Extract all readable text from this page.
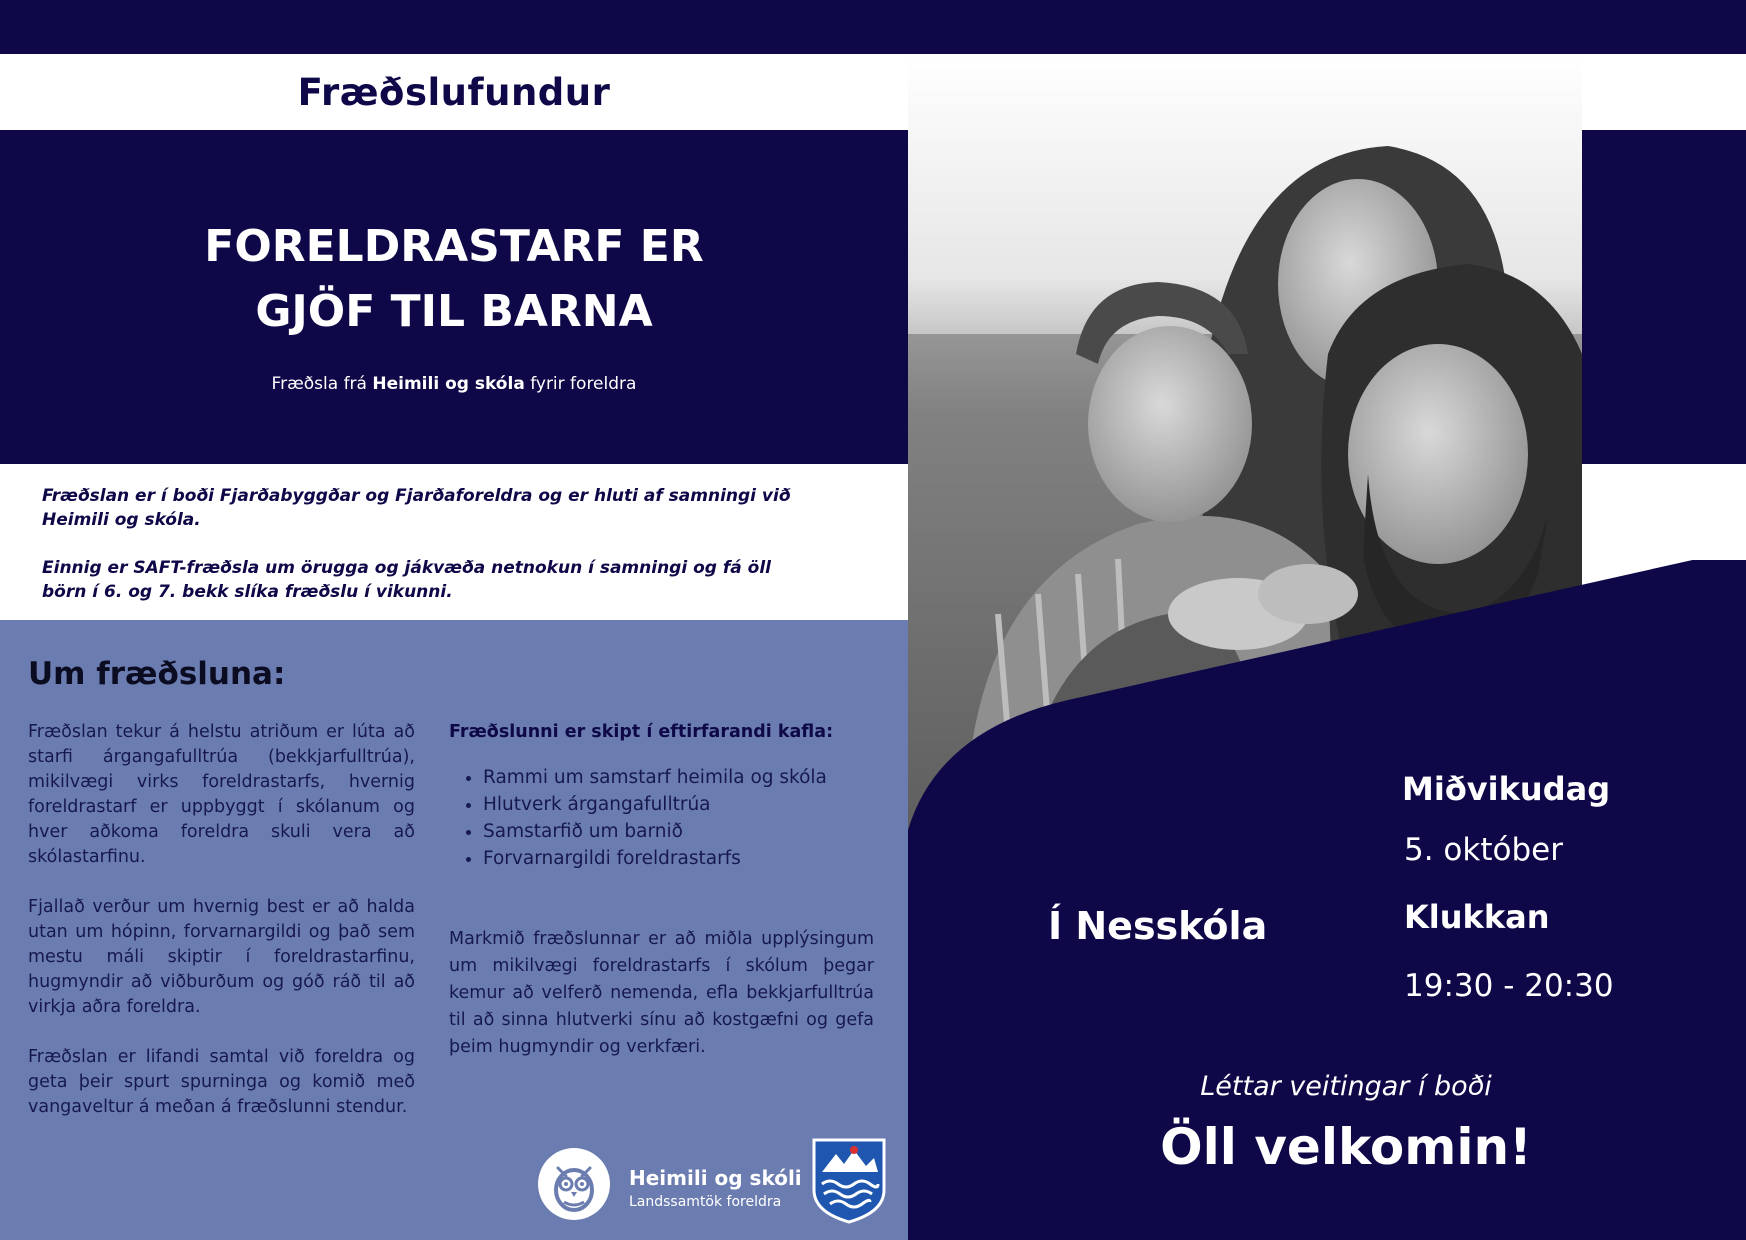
Fræðslufundur
FORELDRASTARF ER
GJÖF TIL BARNA
Fræðsla frá Heimili og skóla fyrir foreldra

Fræðslan er í boði Fjarðabyggðar og Fjarðaforeldra og er hluti af samningi við Heimili og skóla.

Einnig er SAFT-fræðsla um örugga og jákvæða netnokun í samningi og fá öll börn í 6. og 7. bekk slíka fræðslu í vikunni.

Um fræðsluna:

Fræðslan tekur á helstu atriðum er lúta að starfi árgangafulltrúa (bekkjarfulltrúa), mikilvægi virks foreldrastarfs, hvernig foreldrastarf er uppbyggt í skólanum og hver aðkoma foreldra skuli vera að skólastarfinu.

Fjallað verður um hvernig best er að halda utan um hópinn, forvarnargildi og það sem mestu máli skiptir í foreldrastarfinu, hugmyndir að viðburðum og góð ráð til að virkja aðra foreldra.

Fræðslan er lifandi samtal við foreldra og geta þeir spurt spurninga og komið með vangaveltur á meðan á fræðslunni stendur.

Fræðslunni er skipt í eftirfarandi kafla:
• Rammi um samstarf heimila og skóla
• Hlutverk árgangafulltrúa
• Samstarfið um barnið
• Forvarnargildi foreldrastarfs
Markmið fræðslunnar er að miðla upplýsingum um mikilvægi foreldrastarfs í skólum þegar kemur að velferð nemenda, efla bekkjarfulltrúa til að sinna hlutverki sínu að kostgæfni og gefa þeim hugmyndir og verkfæri.
Heimili og skóli
Landssamtök foreldra
Í Nesskóla
Miðvikudag
5. október
Klukkan
19:30 - 20:30
Léttar veitingar í boði
Öll velkomin!
